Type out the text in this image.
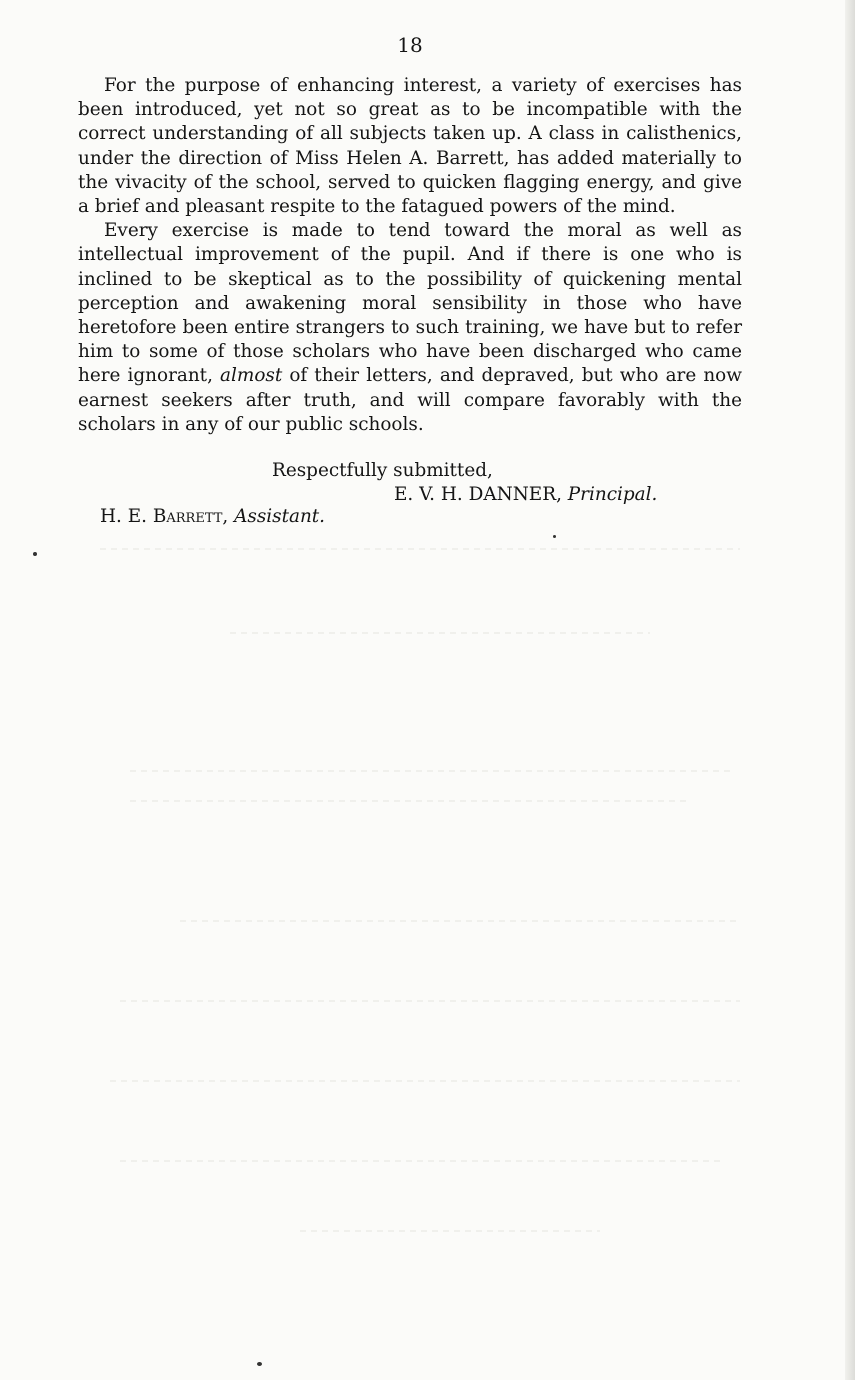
18

For the purpose of enhancing interest, a variety of exercises has been introduced, yet not so great as to be incompatible with the correct understanding of all subjects taken up. A class in calisthenics, under the direction of Miss Helen A. Barrett, has added materially to the vivacity of the school, served to quicken flagging energy, and give a brief and pleasant respite to the fatagued powers of the mind.

Every exercise is made to tend toward the moral as well as intellectual improvement of the pupil. And if there is one who is inclined to be skeptical as to the possibility of quickening mental perception and awakening moral sensibility in those who have heretofore been entire strangers to such training, we have but to refer him to some of those scholars who have been discharged who came here ignorant, almost of their letters, and depraved, but who are now earnest seekers after truth, and will compare favorably with the scholars in any of our public schools.

Respectfully submitted,
E. V. H. DANNER, Principal.
H. E. Barrett, Assistant.
